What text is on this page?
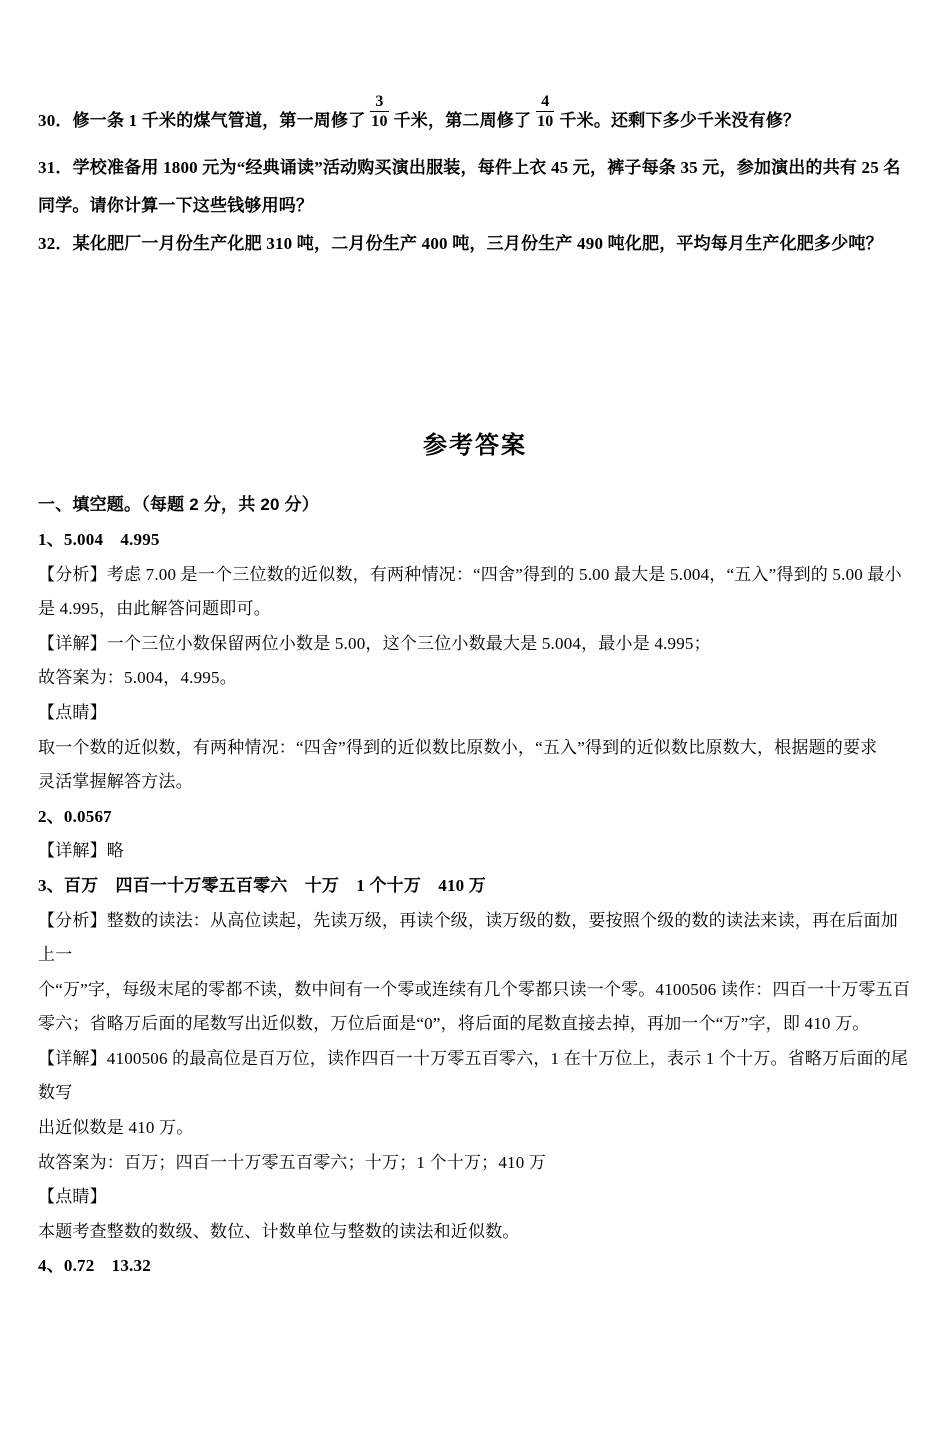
30．修一条 1 千米的煤气管道，第一周修了 $\frac{3}{10}$ 千米，第二周修了 $\frac{4}{10}$ 千米。还剩下多少千米没有修？
31．学校准备用 1800 元为“经典诵读”活动购买演出服装，每件上衣 45 元，裤子每条 35 元，参加演出的共有 25 名
同学。请你计算一下这些钱够用吗？
32．某化肥厂一月份生产化肥 310 吨，二月份生产 400 吨，三月份生产 490 吨化肥，平均每月生产化肥多少吨？
参考答案
一、填空题。（每题 2 分，共 20 分）
1、5.004　4.995
【分析】考虑 7.00 是一个三位数的近似数，有两种情况：“四舍”得到的 5.00 最大是 5.004，“五入”得到的 5.00 最小
是 4.995，由此解答问题即可。
【详解】一个三位小数保留两位小数是 5.00，这个三位小数最大是 5.004，最小是 4.995；
故答案为：5.004，4.995。
【点睛】
取一个数的近似数，有两种情况：“四舍”得到的近似数比原数小，“五入”得到的近似数比原数大，根据题的要求
灵活掌握解答方法。
2、0.0567
【详解】略
3、百万　四百一十万零五百零六　十万　1 个十万　410 万
【分析】整数的读法：从高位读起，先读万级，再读个级，读万级的数，要按照个级的数的读法来读，再在后面加上一
个“万”字，每级末尾的零都不读，数中间有一个零或连续有几个零都只读一个零。4100506 读作：四百一十万零五百
零六；省略万后面的尾数写出近似数，万位后面是“0”，将后面的尾数直接去掉，再加一个“万”字，即 410 万。
【详解】4100506 的最高位是百万位，读作四百一十万零五百零六，1 在十万位上，表示 1 个十万。省略万后面的尾数写
出近似数是 410 万。
故答案为：百万；四百一十万零五百零六；十万；1 个十万；410 万
【点睛】
本题考查整数的数级、数位、计数单位与整数的读法和近似数。
4、0.72　13.32
